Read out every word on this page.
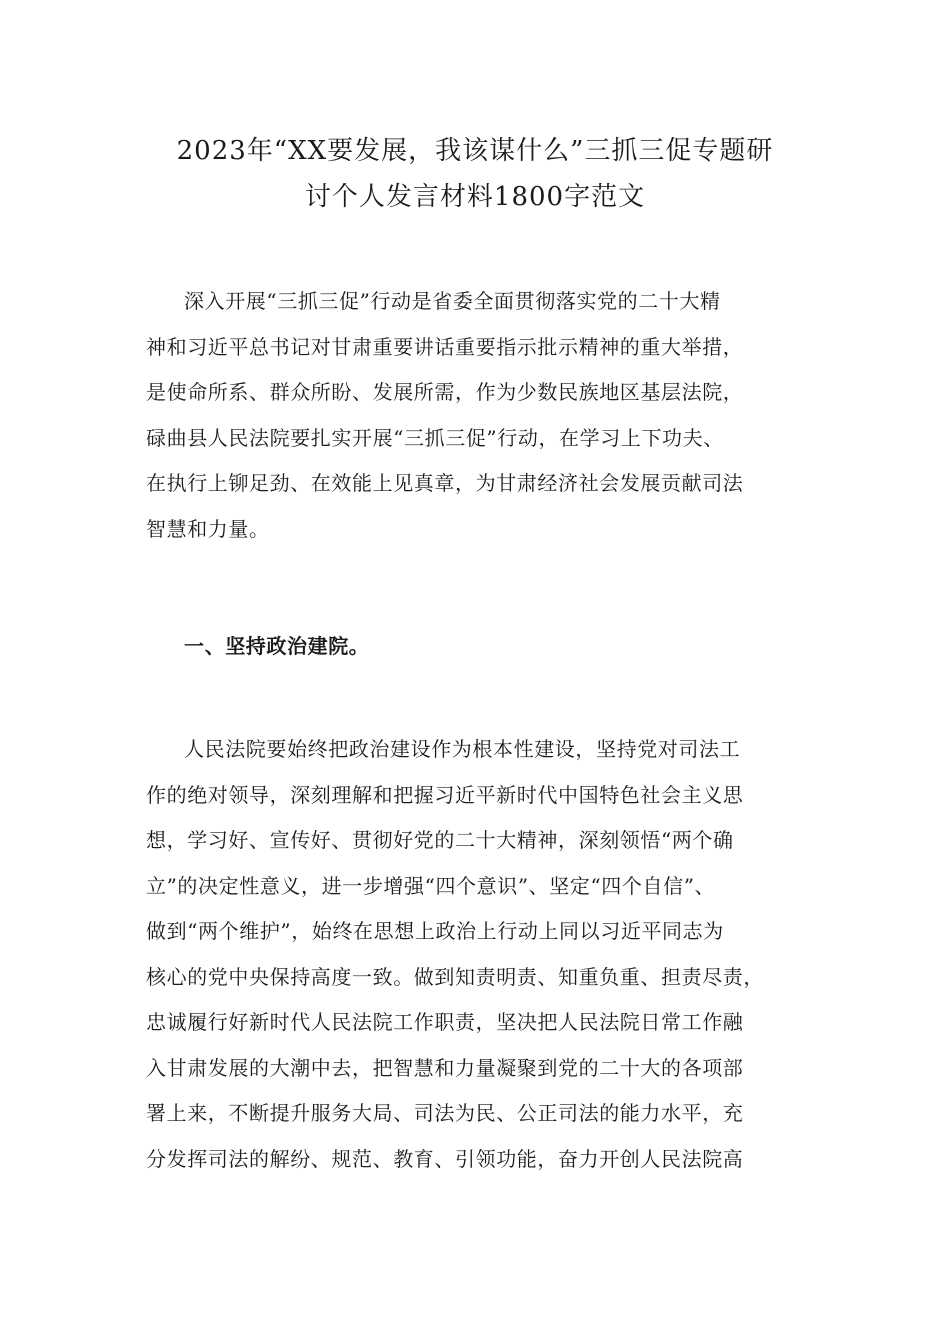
2023年“XX要发展，我该谋什么”三抓三促专题研
讨个人发言材料1800字范文

深入开展“三抓三促”行动是省委全面贯彻落实党的二十大精
神和习近平总书记对甘肃重要讲话重要指示批示精神的重大举措，
是使命所系、群众所盼、发展所需，作为少数民族地区基层法院，
碌曲县人民法院要扎实开展“三抓三促”行动，在学习上下功夫、
在执行上铆足劲、在效能上见真章，为甘肃经济社会发展贡献司法
智慧和力量。

一、坚持政治建院。

人民法院要始终把政治建设作为根本性建设，坚持党对司法工
作的绝对领导，深刻理解和把握习近平新时代中国特色社会主义思
想，学习好、宣传好、贯彻好党的二十大精神，深刻领悟“两个确
立”的决定性意义，进一步增强“四个意识”、坚定“四个自信”、
做到“两个维护”，始终在思想上政治上行动上同以习近平同志为
核心的党中央保持高度一致。做到知责明责、知重负重、担责尽责，
忠诚履行好新时代人民法院工作职责，坚决把人民法院日常工作融
入甘肃发展的大潮中去，把智慧和力量凝聚到党的二十大的各项部
署上来，不断提升服务大局、司法为民、公正司法的能力水平，充
分发挥司法的解纷、规范、教育、引领功能，奋力开创人民法院高
